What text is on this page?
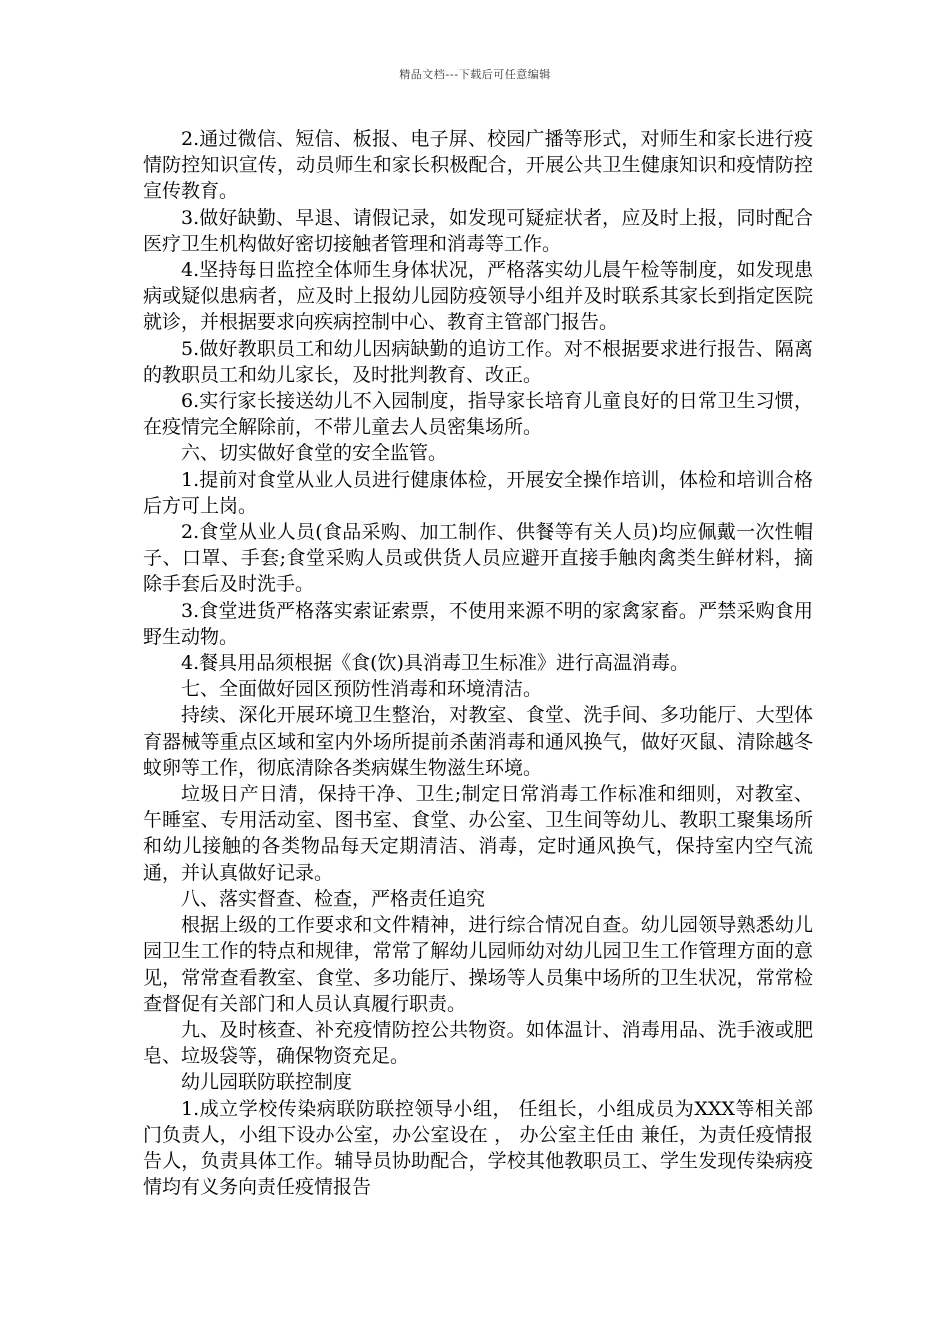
精品文档---下载后可任意编辑

2.通过微信、短信、板报、电子屏、校园广播等形式，对师生和家长进行疫情防控知识宣传，动员师生和家长积极配合，开展公共卫生健康知识和疫情防控宣传教育。

3.做好缺勤、早退、请假记录，如发现可疑症状者，应及时上报，同时配合医疗卫生机构做好密切接触者管理和消毒等工作。

4.坚持每日监控全体师生身体状况，严格落实幼儿晨午检等制度，如发现患病或疑似患病者，应及时上报幼儿园防疫领导小组并及时联系其家长到指定医院就诊，并根据要求向疾病控制中心、教育主管部门报告。

5.做好教职员工和幼儿因病缺勤的追访工作。对不根据要求进行报告、隔离的教职员工和幼儿家长，及时批判教育、改正。

6.实行家长接送幼儿不入园制度，指导家长培育儿童良好的日常卫生习惯，在疫情完全解除前，不带儿童去人员密集场所。

六、切实做好食堂的安全监管。

1.提前对食堂从业人员进行健康体检，开展安全操作培训，体检和培训合格后方可上岗。

2.食堂从业人员(食品采购、加工制作、供餐等有关人员)均应佩戴一次性帽子、口罩、手套;食堂采购人员或供货人员应避开直接手触肉禽类生鲜材料，摘除手套后及时洗手。

3.食堂进货严格落实索证索票，不使用来源不明的家禽家畜。严禁采购食用野生动物。

4.餐具用品须根据《食(饮)具消毒卫生标准》进行高温消毒。

七、全面做好园区预防性消毒和环境清洁。

持续、深化开展环境卫生整治，对教室、食堂、洗手间、多功能厅、大型体育器械等重点区域和室内外场所提前杀菌消毒和通风换气，做好灭鼠、清除越冬蚊卵等工作，彻底清除各类病媒生物滋生环境。

垃圾日产日清，保持干净、卫生;制定日常消毒工作标准和细则，对教室、午睡室、专用活动室、图书室、食堂、办公室、卫生间等幼儿、教职工聚集场所和幼儿接触的各类物品每天定期清洁、消毒，定时通风换气，保持室内空气流通，并认真做好记录。

八、落实督查、检查，严格责任追究

根据上级的工作要求和文件精神，进行综合情况自查。幼儿园领导熟悉幼儿园卫生工作的特点和规律，常常了解幼儿园师幼对幼儿园卫生工作管理方面的意见，常常查看教室、食堂、多功能厅、操场等人员集中场所的卫生状况，常常检查督促有关部门和人员认真履行职责。

九、及时核查、补充疫情防控公共物资。如体温计、消毒用品、洗手液或肥皂、垃圾袋等，确保物资充足。

幼儿园联防联控制度

1.成立学校传染病联防联控领导小组， 任组长，小组成员为XXX等相关部门负责人，小组下设办公室，办公室设在 ， 办公室主任由 兼任，为责任疫情报告人，负责具体工作。辅导员协助配合，学校其他教职员工、学生发现传染病疫情均有义务向责任疫情报告
